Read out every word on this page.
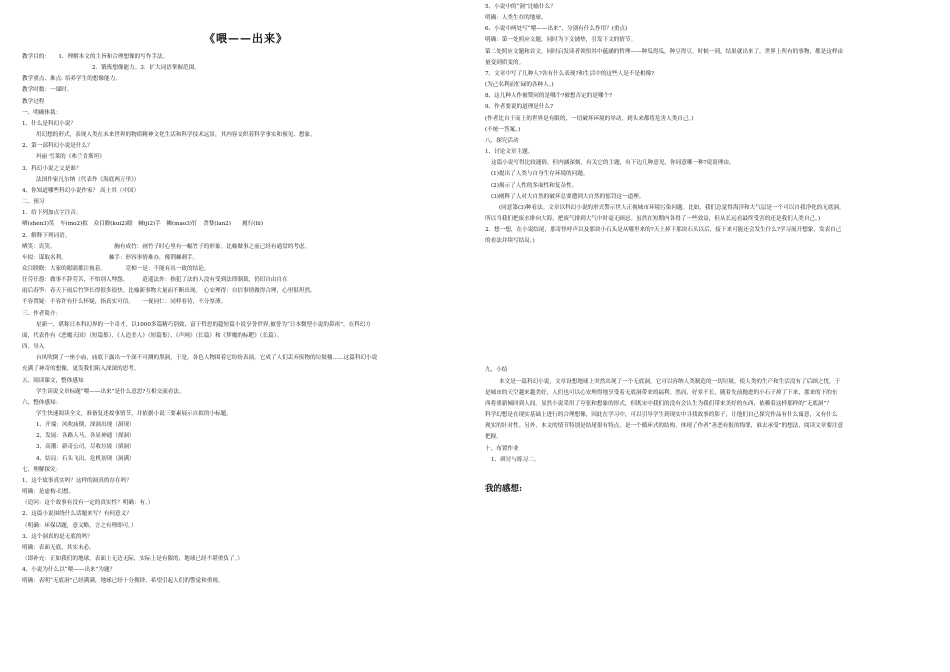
《喂——出来》
教学目的：　　1．理解本文的主旨和合理想像的写作手法。
2．锻炼想像能力。3．扩大词语掌握范围。
教学重点、难点: 培养学生的想像能力。
教学时数：一课时。
教学过程
一、明确体裁：
1、什么是科幻小说？
用幻想的形式，表现人类在未来世界的物质精神文化生活和科学技术远景，其内容交织着科学事实和预见、想象。
2、第一部科幻小说是什么？
玛丽·雪莱的《弗兰肯斯坦》
3、科幻小说之父是谁？
法国作家凡尔纳（代表作《海底两万里》）
4、你知道哪些科幻小说作家？ 高士其（中国）
二、预习
1．给下列加点字注音。
哂(shen3)笑　车(mo2)拟　众目睽(kui2)睽　棘(ji2)手　狮(mao3)钉　贪婪(lan2)　　履行(lü)
2．解释下列词语。
哂笑：讥笑。　　　　　　　　　　　胸有成竹：画竹子时心里有一幅竹子的形象。比喻做事之前已经有通盘的考虑。
车拟：谋取名利。　　　　　　　　棘手：形容事情难办，像荆棘刺手。
众目睽睽：大家的眼睛都注视着。　　　　竞相一是：不能有出一致的结论。
任劳任怨：做事不辞劳苦，不怕别人埋怨。　　　逍遥法外：指犯了法的人没有受到法律制裁，仍旧自由自在
雨后春笋：春天下雨后竹笋长得很多很快。比喻新事物大量而不断出现。　心安理得：自信事情做得合理，心里很坦然。
不容置疑：不容许有什么怀疑，指真实可信。　　一视同仁：同样看待，不分厚薄。
三、作者简介：
星新一，堪称日本科幻界的一个奇才，以1000多篇精巧别致、富于哲思的超短篇小说享誉世界,被誉为“日本微型小说的鼻祖”。在科幻方
面，代表作有《恶魔天国》（短篇集）、《人造美人》（短篇集）、《声网》（长篇）和《梦魔的标靶》（长篇）。
四、导入
台风吹倒了一座小庙，庙底下露出一个深不可测的黑洞，于是，各色人物围着它纷纷表演，它成了人们丢弃废物的垃圾桶……这篇科幻小说
充满了神奇的想像，更发我们陷入深深的思考。
五、阅读课文，整体感知
学生读说文章标题“喂——出来”是什么意思?互相交流看法。
六、整体感知：
学生快速阅读全文，准备复述故事情节，并依据小说三要素展示自拟的小标题。
1、开端：风吹庙倒，深洞出现（洞现）
2、发展：各路人马，各显神通（探洞）
3、高潮：新奇公司，尽收垃圾（填洞）
4、结局：石头飞出，危机初现（洞满）
七、理解探究：
1、这个故事真实吗？这样的洞真的存在吗？
明确：是虚构-幻想。
（追问：这个故事有没有一定的真实性？明确：有。）
2、这篇小说围绕什么话题来写？有何意义？
（明确：环保话题，意义略，言之有理即可。）
3、这个洞真的是无底的吗？
明确：表面无底，其实未必。
（即补充：正如我们的地球，表面上无边无际，实际上是有限的，地球已经不堪重负了。）
4、小说为什么以“喂——出来”为题？
明确：表明“无底洞”已经满满，地球已经十分拥挤，希望引起人们的警觉和重视。
5、小说中的“洞”比喻什么？
明确：人类生存的地球。
6、小说中两处写“喂——出来”，分别有什么作用？(重点)
明确：第一处照应文题，同时为下文铺垫，引发下文的情节。
第二处照应文题和首文，同时启发读者领悟其中蕴涵的哲理——种瓜得瓜，种豆得豆，时候一到，结果就出来了。世界上所有的事物，都是这样由
量变到质变的。
7、文章中写了几种人?各有什么表现?和生活中的这些人是不是相像?
(为己名利而忙碌的各种人。)
8、这几种人作被赞同的是哪个?被想否定的是哪个?
9、作者要说的道理是什么?
(作者比自于而上的世界是有限的，一切破坏环境的举动，到头来都将危害人类自己。)
(不统一答案。)
八、探究活动
1、讨论文章主题。
这篇小说写得比较通俗，但内涵深刻，有关它的主题，有下边几种意见，你同意哪一种?说说理由。
(1)提出了人类与自身生存环境的问题。
(2)揭示了人性的多面性和复杂性。
(3)阐释了人对大自然的破坏总要遭到大自然的惩罚这一道理。
(同意第(3)种看法。文章以科幻小说的形式警示世人正视城市环境污染问题。比如，我们总觉得海洋和大气层是一个可以自我净化的无底洞。
所以当我们把废水排向大海，把废气排到大气中时毫无顾忌。虽然在短期内各得了一些效益，但从长远看最终受害的还是我们人类自己。)
2．想一想，在小说结尾，那奇怪呼声以及那块小石头是从哪里来的?天上掉下那块石头以后，接下来可能还会发生什么?学习展开想象，发表自己
的看法并续写结局。)
九、小结
本文是一篇科幻小说，文章设想地球上突然出现了一个无底洞，它可以容纳人类制造的一切垃圾，使人类的生产和生活没有了后顾之忧，于
是城市的天空越来越美好，人们也可以心安理得地享受着无底洞带来的福利。然而，好景不长，随着先前抛进的小石子掉了下来，那来的下的东
西将重新倾回到人间。显然小说采用了夸张和想象的形式，但既宋中我们的没有会认生为我们带来美好的东西，依赖着这样那样的“无底洞”？
科学幻想是在现实基础上进行的合理想像，因此在学习中，可以引导学生到现实中寻找故事的影子，让他们自己探究作品有什么寓意，又有什么
现实的针对性。另外，本文的情节特别是结尾很有特点，是一个循环式的结构，体现了作者“善恶有报的悔罪，谁去承受”的想法，阅读文章要注意
把握。
十、布置作业
1、研讨与练习二。
我的感想:
